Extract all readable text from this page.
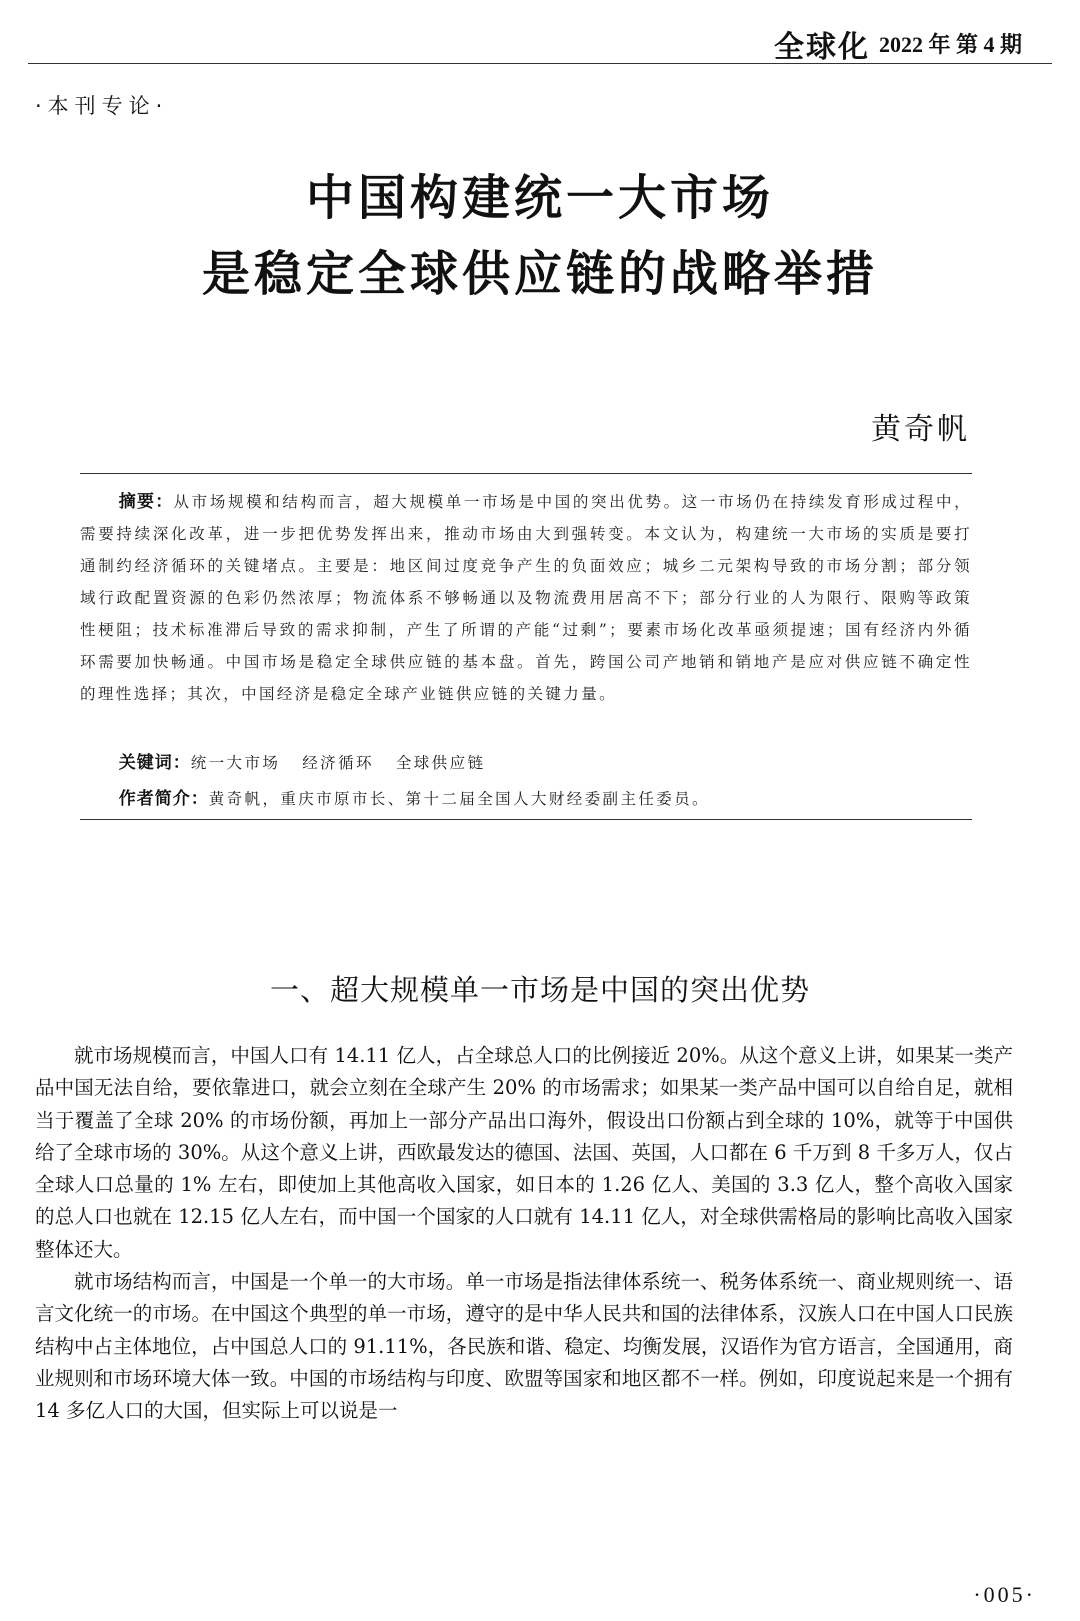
全球化 2022 年 第 4 期
·本刊专论·
中国构建统一大市场
是稳定全球供应链的战略举措
黄奇帆
摘要：从市场规模和结构而言，超大规模单一市场是中国的突出优势。这一市场仍在持续发育形成过程中，需要持续深化改革，进一步把优势发挥出来，推动市场由大到强转变。本文认为，构建统一大市场的实质是要打通制约经济循环的关键堵点。主要是：地区间过度竞争产生的负面效应；城乡二元架构导致的市场分割；部分领域行政配置资源的色彩仍然浓厚；物流体系不够畅通以及物流费用居高不下；部分行业的人为限行、限购等政策性梗阻；技术标准滞后导致的需求抑制，产生了所谓的产能“过剩”；要素市场化改革亟须提速；国有经济内外循环需要加快畅通。中国市场是稳定全球供应链的基本盘。首先，跨国公司产地销和销地产是应对供应链不确定性的理性选择；其次，中国经济是稳定全球产业链供应链的关键力量。
关键词：统一大市场 经济循环 全球供应链
作者简介：黄奇帆，重庆市原市长、第十二届全国人大财经委副主任委员。
一、超大规模单一市场是中国的突出优势

就市场规模而言，中国人口有 14.11 亿人，占全球总人口的比例接近 20%。从这个意义上讲，如果某一类产品中国无法自给，要依靠进口，就会立刻在全球产生 20% 的市场需求；如果某一类产品中国可以自给自足，就相当于覆盖了全球 20% 的市场份额，再加上一部分产品出口海外，假设出口份额占到全球的 10%，就等于中国供给了全球市场的 30%。从这个意义上讲，西欧最发达的德国、法国、英国，人口都在 6 千万到 8 千多万人，仅占全球人口总量的 1% 左右，即使加上其他高收入国家，如日本的 1.26 亿人、美国的 3.3 亿人，整个高收入国家的总人口也就在 12.15 亿人左右，而中国一个国家的人口就有 14.11 亿人，对全球供需格局的影响比高收入国家整体还大。

就市场结构而言，中国是一个单一的大市场。单一市场是指法律体系统一、税务体系统一、商业规则统一、语言文化统一的市场。在中国这个典型的单一市场，遵守的是中华人民共和国的法律体系，汉族人口在中国人口民族结构中占主体地位，占中国总人口的 91.11%，各民族和谐、稳定、均衡发展，汉语作为官方语言，全国通用，商业规则和市场环境大体一致。中国的市场结构与印度、欧盟等国家和地区都不一样。例如，印度说起来是一个拥有 14 多亿人口的大国，但实际上可以说是一

·005·
